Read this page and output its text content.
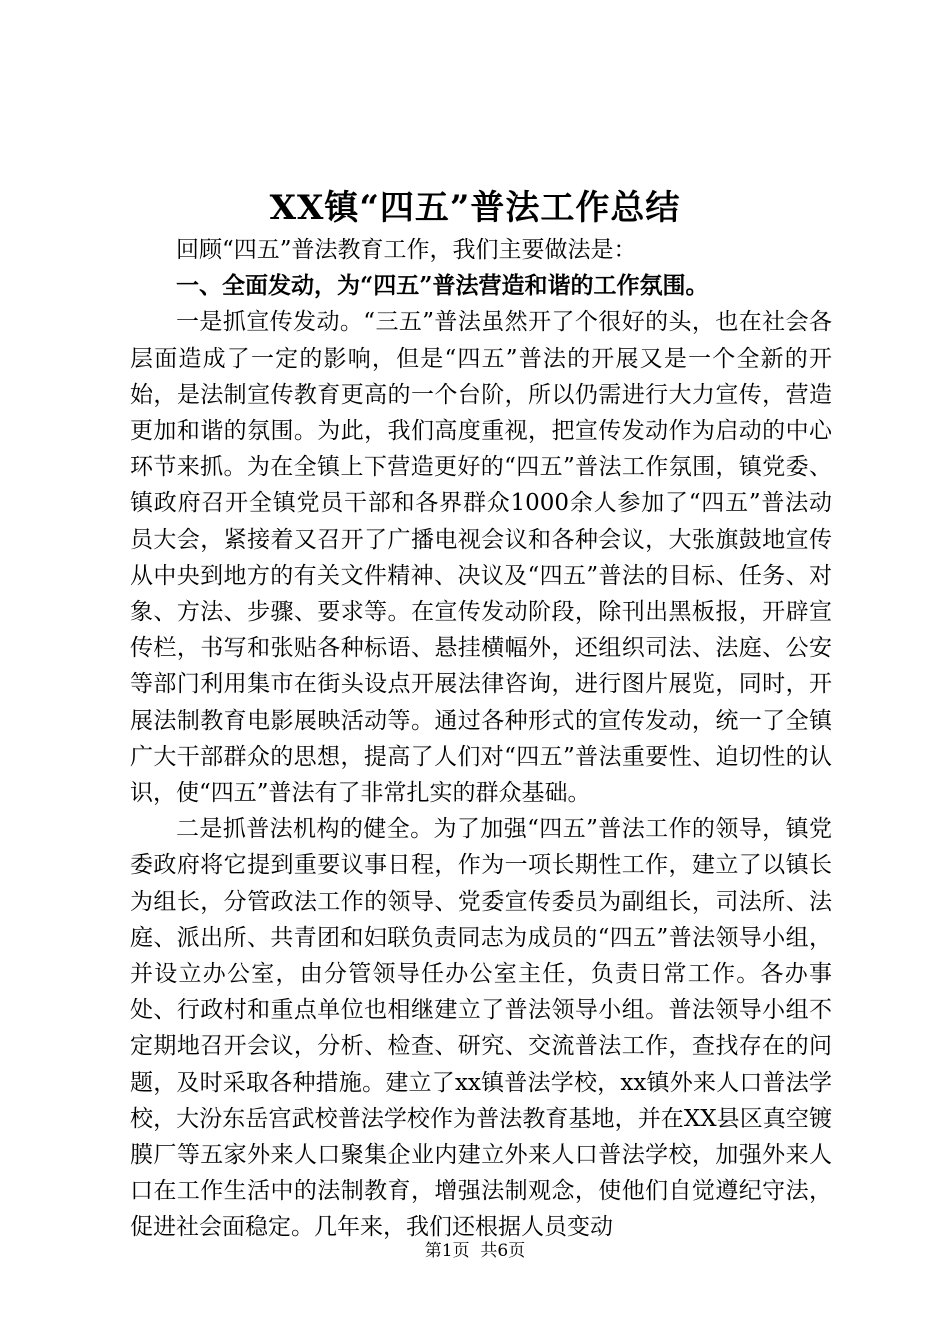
XX镇“四五”普法工作总结

回顾“四五”普法教育工作，我们主要做法是：

一、全面发动，为“四五”普法营造和谐的工作氛围。

一是抓宣传发动。“三五”普法虽然开了个很好的头，也在社会各层面造成了一定的影响，但是“四五”普法的开展又是一个全新的开始，是法制宣传教育更高的一个台阶，所以仍需进行大力宣传，营造更加和谐的氛围。为此，我们高度重视，把宣传发动作为启动的中心环节来抓。为在全镇上下营造更好的“四五”普法工作氛围，镇党委、镇政府召开全镇党员干部和各界群众1000余人参加了“四五”普法动员大会，紧接着又召开了广播电视会议和各种会议，大张旗鼓地宣传从中央到地方的有关文件精神、决议及“四五”普法的目标、任务、对象、方法、步骤、要求等。在宣传发动阶段，除刊出黑板报，开辟宣传栏，书写和张贴各种标语、悬挂横幅外，还组织司法、法庭、公安等部门利用集市在街头设点开展法律咨询，进行图片展览，同时，开展法制教育电影展映活动等。通过各种形式的宣传发动，统一了全镇广大干部群众的思想，提高了人们对“四五”普法重要性、迫切性的认识，使“四五”普法有了非常扎实的群众基础。

二是抓普法机构的健全。为了加强“四五”普法工作的领导，镇党委政府将它提到重要议事日程，作为一项长期性工作，建立了以镇长为组长，分管政法工作的领导、党委宣传委员为副组长，司法所、法庭、派出所、共青团和妇联负责同志为成员的“四五”普法领导小组，并设立办公室，由分管领导任办公室主任，负责日常工作。各办事处、行政村和重点单位也相继建立了普法领导小组。普法领导小组不定期地召开会议，分析、检查、研究、交流普法工作，查找存在的问题，及时采取各种措施。建立了xx镇普法学校，xx镇外来人口普法学校，大汾东岳宫武校普法学校作为普法教育基地，并在XX县区真空镀膜厂等五家外来人口聚集企业内建立外来人口普法学校，加强外来人口在工作生活中的法制教育，增强法制观念，使他们自觉遵纪守法，促进社会面稳定。几年来，我们还根据人员变动

第1页 共6页
